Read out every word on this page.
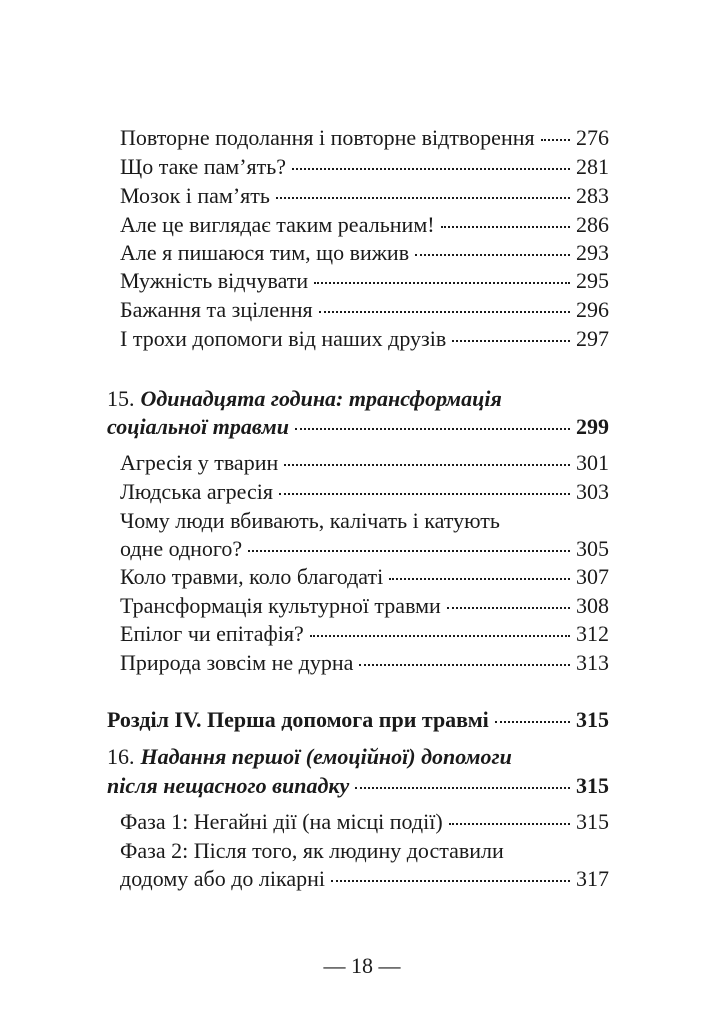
Повторне подолання і повторне відтворення 276
Що таке пам’ять?	281
Мозок і пам’ять	283
Але це виглядає таким реальним!	286
Але я пишаюся тим, що вижив	293
Мужність відчувати	295
Бажання та зцілення	296
І трохи допомоги від наших друзів	297
15. Одинадцята година: трансформація
соціальної травми	299
Агресія у тварин	301
Людська агресія	303
Чому люди вбивають, калічать і катують
одне одного?	305
Коло травми, коло благодаті	307
Трансформація культурної травми	308
Епілог чи епітафія?	312
Природа зовсім не дурна	313
Розділ IV. Перша допомога при травмі	315
16. Надання першої (емоційної) допомоги
після нещасного випадку	315
Фаза 1: Негайні дії (на місці події)	315
Фаза 2: Після того, як людину доставили
додому або до лікарні	317
— 18 —
